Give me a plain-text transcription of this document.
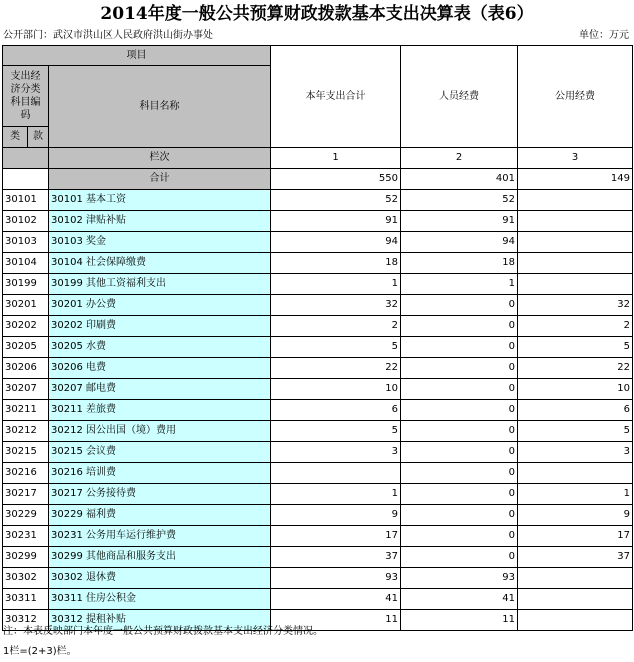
2014年度一般公共预算财政拨款基本支出决算表（表6）
公开部门：武汉市洪山区人民政府洪山街办事处	单位：万元
项目			本年支出合计	人员经费	公用经费
支出经济分类科目编码		科目名称			
类	款				
		栏次	1	2	3
		合计	550	401	149
30101		30101 基本工资	52	52	
30102		30102 津贴补贴	91	91	
30103		30103 奖金	94	94	
30104		30104 社会保障缴费	18	18	
30199		30199 其他工资福利支出	1	1	
30201		30201 办公费	32	0	32
30202		30202 印刷费	2	0	2
30205		30205 水费	5	0	5
30206		30206 电费	22	0	22
30207		30207 邮电费	10	0	10
30211		30211 差旅费	6	0	6
30212		30212 因公出国（境）费用	5	0	5
30215		30215 会议费	3	0	3
30216		30216 培训费		0	
30217		30217 公务接待费	1	0	1
30229		30229 福利费	9	0	9
30231		30231 公务用车运行维护费	17	0	17
30299		30299 其他商品和服务支出	37	0	37
30302		30302 退休费	93	93	
30311		30311 住房公积金	41	41	
30312		30312 提租补贴	11	11	
注：本表反映部门本年度一般公共预算财政拨款基本支出经济分类情况。
1栏=(2+3)栏。
